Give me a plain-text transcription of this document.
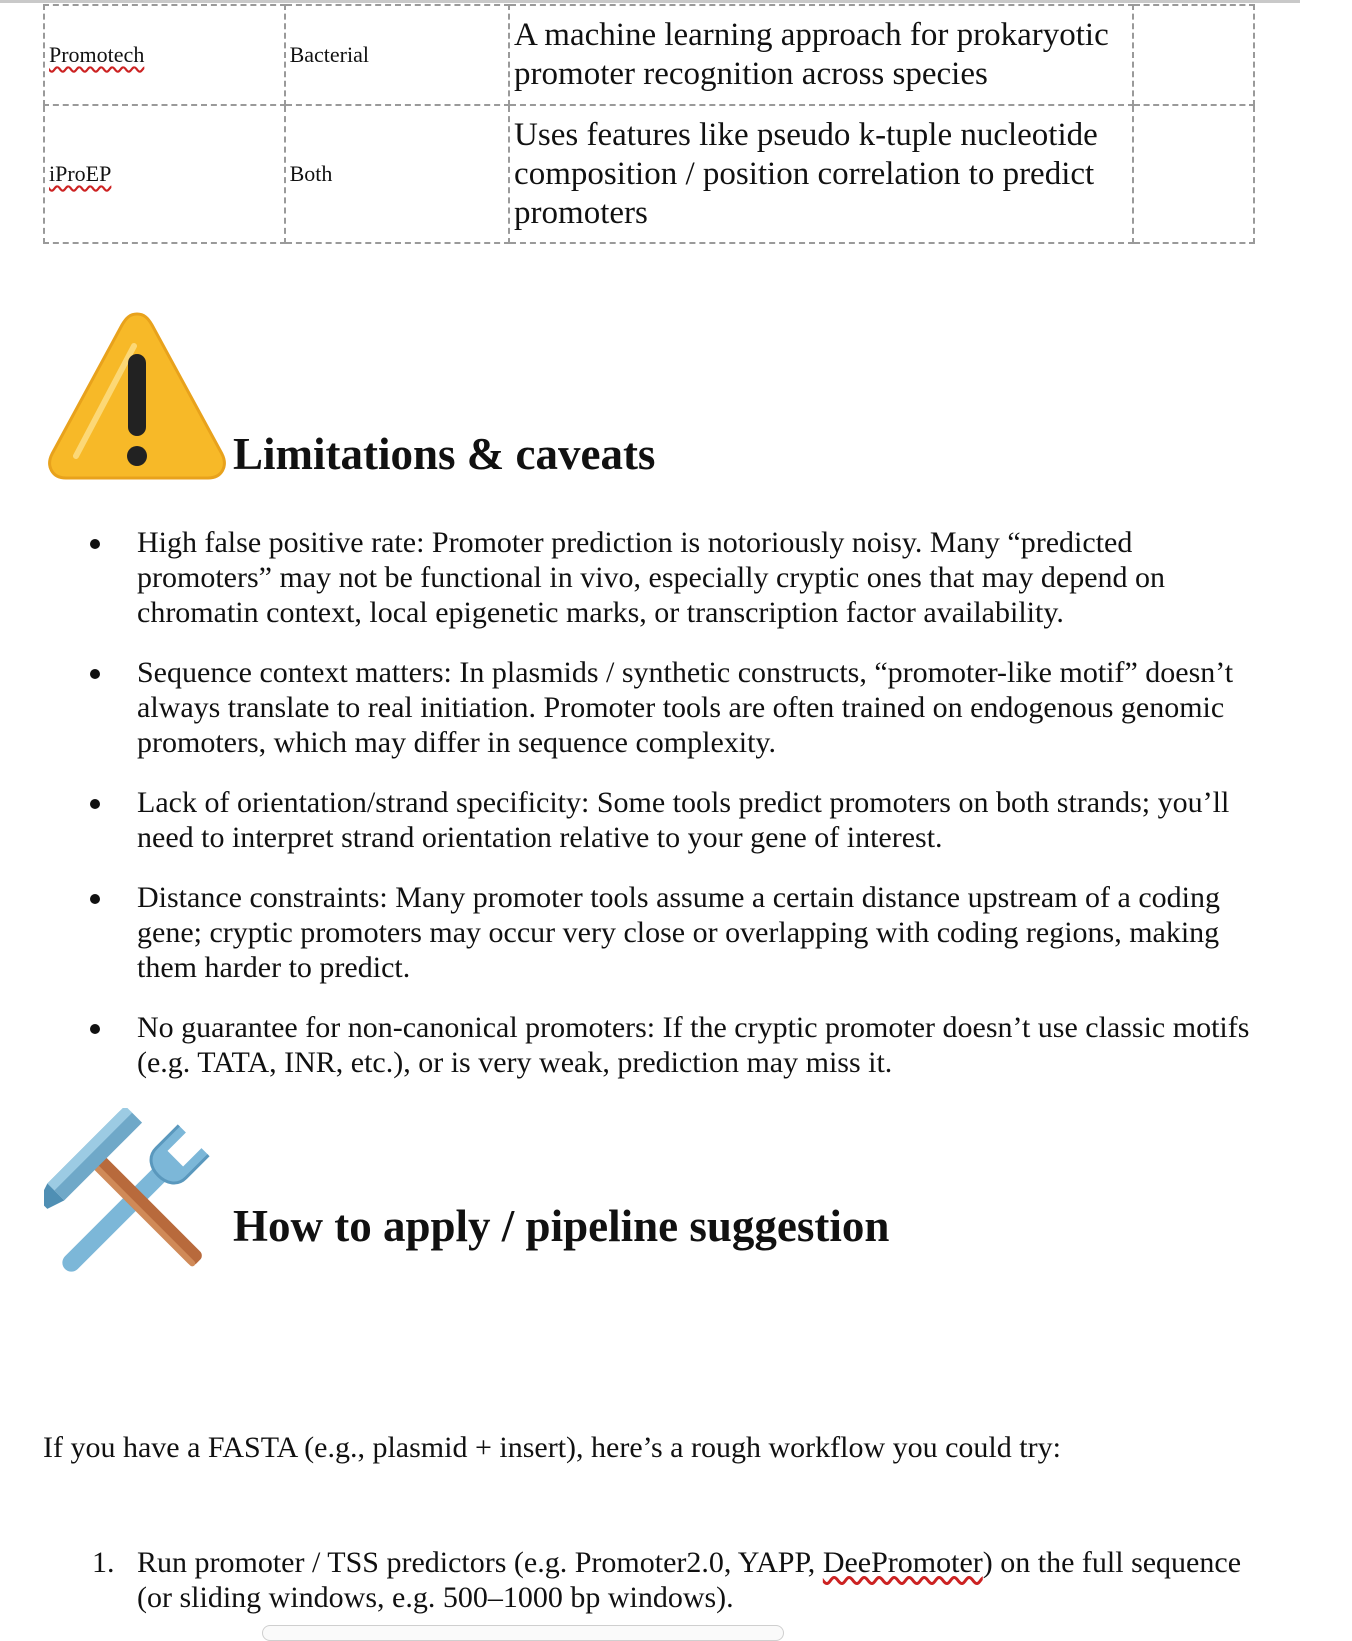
Promotech	Bacterial	A machine learning approach for prokaryotic promoter recognition across species	
iProEP	Both	Uses features like pseudo k-tuple nucleotide composition / position correlation to predict promoters	
Limitations & caveats
High false positive rate: Promoter prediction is notoriously noisy. Many “predicted promoters” may not be functional in vivo, especially cryptic ones that may depend on chromatin context, local epigenetic marks, or transcription factor availability.
Sequence context matters: In plasmids / synthetic constructs, “promoter-like motif” doesn’t always translate to real initiation. Promoter tools are often trained on endogenous genomic promoters, which may differ in sequence complexity.
Lack of orientation/strand specificity: Some tools predict promoters on both strands; you’ll need to interpret strand orientation relative to your gene of interest.
Distance constraints: Many promoter tools assume a certain distance upstream of a coding gene; cryptic promoters may occur very close or overlapping with coding regions, making them harder to predict.
No guarantee for non-canonical promoters: If the cryptic promoter doesn’t use classic motifs (e.g. TATA, INR, etc.), or is very weak, prediction may miss it.
How to apply / pipeline suggestion

If you have a FASTA (e.g., plasmid + insert), here’s a rough workflow you could try:

1. Run promoter / TSS predictors (e.g. Promoter2.0, YAPP, DeePromoter) on the full sequence (or sliding windows, e.g. 500–1000 bp windows).
